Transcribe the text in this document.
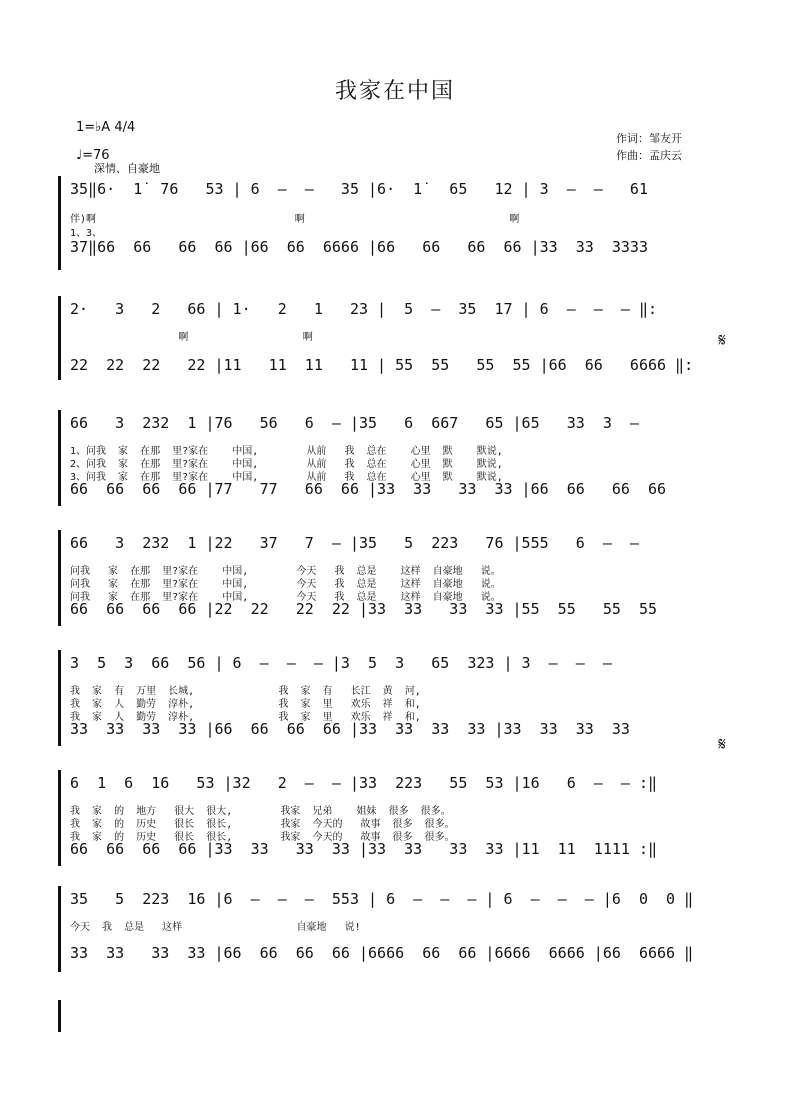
我家在中国
1=♭A 4/4
♩=76
深情、自豪地
作词：邹友开
作曲：孟庆云
35‖6·  1̇  76   53 | 6  —  —   35 |6·  1̇   65   12 | 3  —  —   61
伴)啊                                 啊                                  啊
1、3、
37‖66  66   66  66 |66  66  6666 |66   66   66  66 |33  33  3333
2·   3   2   66 | 1·   2   1   23 |  5  —  35  17 | 6  —  —  — ‖:
啊                   啊
22  22  22   22 |11   11  11   11 | 55  55   55  55 |66  66   6666 ‖:
𝄋
66   3  232  1 |76   56   6  — |35   6  667   65 |65   33  3  —
1、问我  家  在那  里?家在    中国,        从前   我  总在    心里  默    默说,
2、问我  家  在那  里?家在    中国,        从前   我  总在    心里  默    默说,
3、问我  家  在那  里?家在    中国,        从前   我  总在    心里  默    默说,
66  66  66  66 |77   77   66  66 |33  33   33  33 |66  66   66  66
66   3  232  1 |22   37   7  — |35   5  223   76 |555   6  —  —
问我   家  在那  里?家在    中国,        今天   我  总是    这样  自豪地   说。
问我   家  在那  里?家在    中国,        今天   我  总是    这样  自豪地   说。
问我   家  在那  里?家在    中国,        今天   我  总是    这样  自豪地   说。
66  66  66  66 |22  22   22  22 |33  33   33  33 |55  55   55  55
3  5  3  66  56 | 6  —  —  — |3  5  3   65  323 | 3  —  —  —
我  家  有  万里  长城,              我  家  有   长江  黄  河,
我  家  人  勤劳  淳朴,              我  家  里   欢乐  祥  和,
我  家  人  勤劳  淳朴,              我  家  里   欢乐  祥  和,
33  33  33  33 |66  66  66  66 |33  33  33  33 |33  33  33  33
𝄋
6  1  6  16   53 |32   2  —  — |33  223   55  53 |16   6  —  — :‖
我  家  的  地方   很大  很大,        我家  兄弟    姐妹  很多  很多。
我  家  的  历史   很长  很长,        我家  今天的   故事  很多  很多。
我  家  的  历史   很长  很长,        我家  今天的   故事  很多  很多。
66  66  66  66 |33  33   33  33 |33  33   33  33 |11  11  1111 :‖
35   5  223  16 |6  —  —  —  553 | 6  —  —  — | 6  —  —  — |6  0  0 ‖
今天  我  总是   这样                   自豪地   说!
33  33   33  33 |66  66  66  66 |6666  66  66 |6666  6666 |66  6666 ‖
